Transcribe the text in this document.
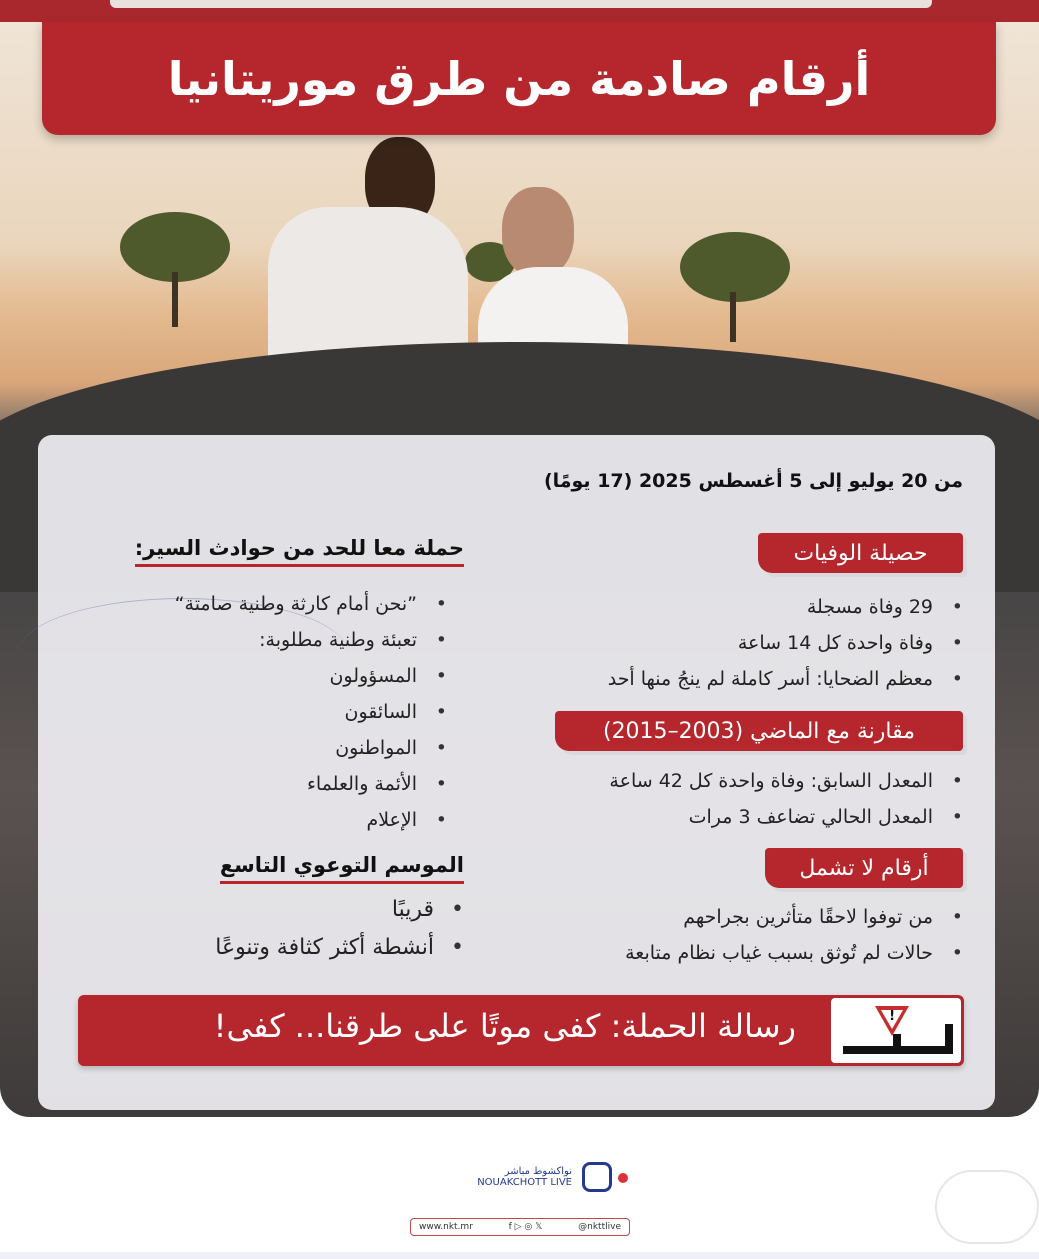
أرقام صادمة من طرق موريتانيا
من 20 يوليو إلى 5 أغسطس 2025 (17 يومًا)
حصيلة الوفيات
• 29 وفاة مسجلة
• وفاة واحدة كل 14 ساعة
• معظم الضحايا: أسر كاملة لم ينجُ منها أحد
مقارنة مع الماضي (2003–2015)
• المعدل السابق: وفاة واحدة كل 42 ساعة
• المعدل الحالي تضاعف 3 مرات
أرقام لا تشمل
• من توفوا لاحقًا متأثرين بجراحهم
• حالات لم تُوثق بسبب غياب نظام متابعة
حملة معا للحد من حوادث السير:
• ”نحن أمام كارثة وطنية صامتة“
• تعبئة وطنية مطلوبة:
• المسؤولون
• السائقون
• المواطنون
• الأئمة والعلماء
• الإعلام
الموسم التوعوي التاسع
• قريبًا
• أنشطة أكثر كثافة وتنوعًا
رسالة الحملة: كفى موتًا على طرقنا... كفى!	!
نواكشوط مباشر
NOUAKCHOTT LIVE
www.nkt.mr	f ▷ ◎ 𝕏	@nkttlive
